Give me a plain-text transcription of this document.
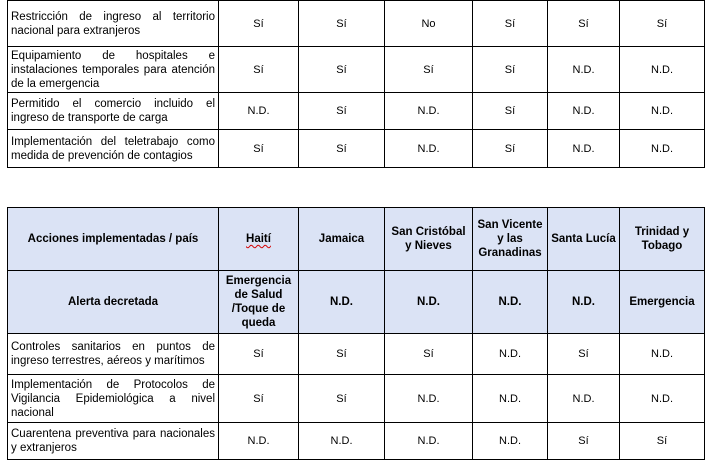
Restricción de ingreso al territorio nacional para extranjeros	Sí	Sí	No	Sí	Sí	Sí
Equipamiento de hospitales e instalaciones temporales para atención de la emergencia	Sí	Sí	Sí	Sí	N.D.	N.D.
Permitido el comercio incluido el ingreso de transporte de carga	N.D.	Sí	N.D.	Sí	N.D.	N.D.
Implementación del teletrabajo como medida de prevención de contagios	Sí	Sí	N.D.	Sí	N.D.	N.D.
Acciones implementadas / país	Haití	Jamaica	San Cristóbal y Nieves	San Vicente y las Granadinas	Santa Lucía	Trinidad y Tobago
Alerta decretada	Emergencia de Salud /Toque de queda	N.D.	N.D.	N.D.	N.D.	Emergencia
Controles sanitarios en puntos de ingreso terrestres, aéreos y marítimos	Sí	Sí	Sí	N.D.	Sí	N.D.
Implementación de Protocolos de Vigilancia Epidemiológica a nivel nacional	Sí	Sí	N.D.	N.D.	N.D.	N.D.
Cuarentena preventiva para nacionales y extranjeros	N.D.	N.D.	N.D.	N.D.	Sí	Sí
